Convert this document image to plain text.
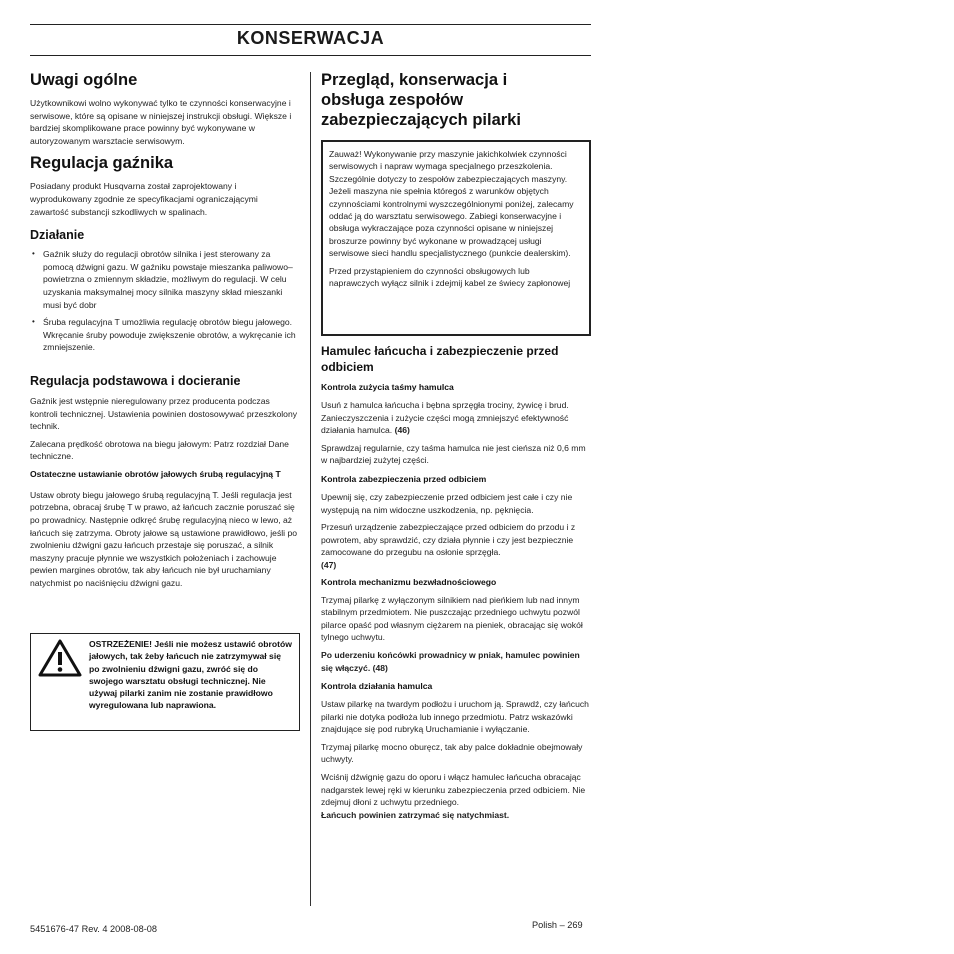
KONSERWACJA
Uwagi ogólne

Użytkownikowi wolno wykonywać tylko te czynności konserwacyjne i serwisowe, które są opisane w niniejszej instrukcji obsługi. Większe i bardziej skomplikowane prace powinny być wykonywane w autoryzowanym warsztacie serwisowym.

Regulacja gaźnika

Posiadany produkt Husqvarna został zaprojektowany i wyprodukowany zgodnie ze specyfikacjami ograniczającymi zawartość substancji szkodliwych w spalinach.

Działanie
• Gaźnik służy do regulacji obrotów silnika i jest sterowany za pomocą dźwigni gazu. W gaźniku powstaje mieszanka paliwowo–powietrzna o zmiennym składzie, możliwym do regulacji. W celu uzyskania maksymalnej mocy silnika maszyny skład mieszanki musi być dobr
• Śruba regulacyjna T umożliwia regulację obrotów biegu jałowego. Wkręcanie śruby powoduje zwiększenie obrotów, a wykręcanie ich zmniejszenie.
Regulacja podstawowa i docieranie

Gaźnik jest wstępnie nieregulowany przez producenta podczas kontroli technicznej. Ustawienia powinien dostosowywać przeszkolony technik.

Zalecana prędkość obrotowa na biegu jałowym: Patrz rozdział Dane techniczne.

Ostateczne ustawianie obrotów jałowych śrubą regulacyjną T

Ustaw obroty biegu jałowego śrubą regulacyjną T. Jeśli regulacja jest potrzebna, obracaj śrubę T w prawo, aż łańcuch zacznie poruszać się po prowadnicy. Następnie odkręć śrubę regulacyjną nieco w lewo, aż łańcuch się zatrzyma. Obroty jałowe są ustawione prawidłowo, jeśli po zwolnieniu dźwigni gazu łańcuch przestaje się poruszać, a silnik maszyny pracuje płynnie we wszystkich położeniach i zachowuje pewien margines obrotów, tak aby łańcuch nie był uruchamiany natychmist po naciśnięciu dźwigni gazu.

OSTRZEŻENIE! Jeśli nie możesz ustawić obrotów jałowych, tak żeby łańcuch nie zatrzymywał się po zwolnieniu dźwigni gazu, zwróć się do swojego warsztatu obsługi technicznej. Nie używaj pilarki zanim nie zostanie prawidłowo wyregulowana lub naprawiona.
Przegląd, konserwacja i obsługa zespołów zabezpieczających pilarki

Zauważ! Wykonywanie przy maszynie jakichkolwiek czynności serwisowych i napraw wymaga specjalnego przeszkolenia. Szczególnie dotyczy to zespołów zabezpieczających maszyny. Jeżeli maszyna nie spełnia któregoś z warunków objętych czynnościami kontrolnymi wyszczególnionymi poniżej, zalecamy oddać ją do warsztatu serwisowego. Zabiegi konserwacyjne i obsługa wykraczające poza czynności opisane w niniejszej broszurze powinny być wykonane w prowadzącej usługi serwisowe sieci handlu specjalistycznego (punkcie dealerskim).

Przed przystąpieniem do czynności obsługowych lub naprawczych wyłącz silnik i zdejmij kabel ze świecy zapłonowej

Hamulec łańcucha i zabezpieczenie przed odbiciem
Kontrola zużycia taśmy hamulca

Usuń z hamulca łańcucha i bębna sprzęgła trociny, żywicę i brud. Zanieczyszczenia i zużycie części mogą zmniejszyć efektywność działania hamulca. (46)

Sprawdzaj regularnie, czy taśma hamulca nie jest cieńsza niż 0,6 mm w najbardziej zużytej części.

Kontrola zabezpieczenia przed odbiciem

Upewnij się, czy zabezpieczenie przed odbiciem jest całe i czy nie występują na nim widoczne uszkodzenia, np. pęknięcia.

Przesuń urządzenie zabezpieczające przed odbiciem do przodu i z powrotem, aby sprawdzić, czy działa płynnie i czy jest bezpiecznie zamocowane do przegubu na osłonie sprzęgła.
(47)

Kontrola mechanizmu bezwładnościowego

Trzymaj pilarkę z wyłączonym silnikiem nad pieńkiem lub nad innym stabilnym przedmiotem. Nie puszczając przedniego uchwytu pozwól pilarce opaść pod własnym ciężarem na pieniek, obracając się wokół tylnego uchwytu.

Po uderzeniu końcówki prowadnicy w pniak, hamulec powinien się włączyć. (48)

Kontrola działania hamulca

Ustaw pilarkę na twardym podłożu i uruchom ją. Sprawdź, czy łańcuch pilarki nie dotyka podłoża lub innego przedmiotu. Patrz wskazówki znajdujące się pod rubryką Uruchamianie i wyłączanie.

Trzymaj pilarkę mocno oburęcz, tak aby palce dokładnie obejmowały uchwyty.

Wciśnij dźwignię gazu do oporu i włącz hamulec łańcucha obracając nadgarstek lewej ręki w kierunku zabezpieczenia przed odbiciem. Nie zdejmuj dłoni z uchwytu przedniego.
Łańcuch powinien zatrzymać się natychmiast.

5451676-47 Rev. 4 2008-08-08	Polish – 269
